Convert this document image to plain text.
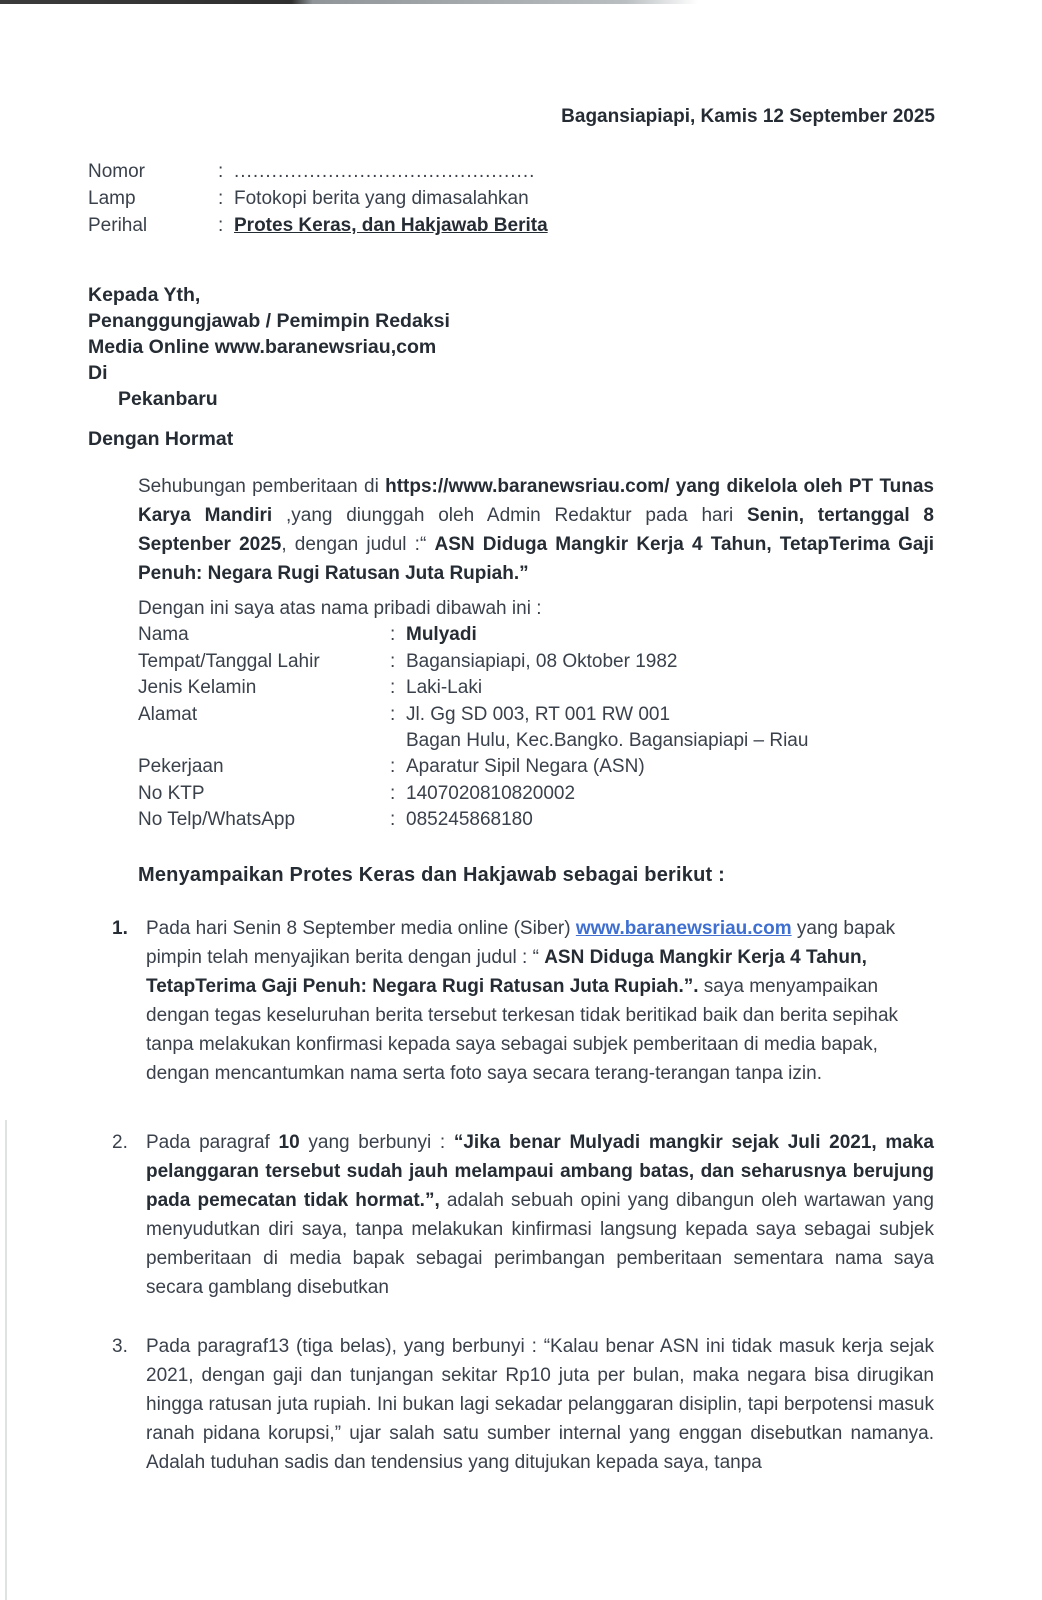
Bagansiapiapi, Kamis 12 September 2025
Nomor	: ................................................
Lamp	: Fotokopi berita yang dimasalahkan
Perihal	: Protes Keras, dan Hakjawab Berita
Kepada Yth,
Penanggungjawab / Pemimpin Redaksi
Media Online www.baranewsriau,com
Di
Pekanbaru
Dengan Hormat
Sehubungan pemberitaan di https://www.baranewsriau.com/ yang dikelola oleh PT Tunas Karya Mandiri ,yang diunggah oleh Admin Redaktur pada hari Senin, tertanggal 8 Septenber 2025, dengan judul :“ ASN Diduga Mangkir Kerja 4 Tahun, TetapTerima Gaji Penuh: Negara Rugi Ratusan Juta Rupiah.”
Dengan ini saya atas nama pribadi dibawah ini :
Nama	: Mulyadi
Tempat/Tanggal Lahir	: Bagansiapiapi, 08 Oktober 1982
Jenis Kelamin	: Laki-Laki
Alamat	: Jl. Gg SD 003, RT 001 RW 001
Bagan Hulu, Kec.Bangko. Bagansiapiapi – Riau
Pekerjaan	: Aparatur Sipil Negara (ASN)
No KTP	: 1407020810820002
No Telp/WhatsApp	: 085245868180
Menyampaikan Protes Keras dan Hakjawab sebagai berikut :
1. Pada hari Senin 8 September media online (Siber) www.baranewsriau.com yang bapak pimpin telah menyajikan berita dengan judul : “ ASN Diduga Mangkir Kerja 4 Tahun, TetapTerima Gaji Penuh: Negara Rugi Ratusan Juta Rupiah.”. saya menyampaikan dengan tegas keseluruhan berita tersebut terkesan tidak beritikad baik dan berita sepihak tanpa melakukan konfirmasi kepada saya sebagai subjek pemberitaan di media bapak, dengan mencantumkan nama serta foto saya secara terang-terangan tanpa izin.
2. Pada paragraf 10 yang berbunyi : “Jika benar Mulyadi mangkir sejak Juli 2021, maka pelanggaran tersebut sudah jauh melampaui ambang batas, dan seharusnya berujung pada pemecatan tidak hormat.”, adalah sebuah opini yang dibangun oleh wartawan yang menyudutkan diri saya, tanpa melakukan kinfirmasi langsung kepada saya sebagai subjek pemberitaan di media bapak sebagai perimbangan pemberitaan sementara nama saya secara gamblang disebutkan
3. Pada paragraf13 (tiga belas), yang berbunyi : “Kalau benar ASN ini tidak masuk kerja sejak 2021, dengan gaji dan tunjangan sekitar Rp10 juta per bulan, maka negara bisa dirugikan hingga ratusan juta rupiah. Ini bukan lagi sekadar pelanggaran disiplin, tapi berpotensi masuk ranah pidana korupsi,” ujar salah satu sumber internal yang enggan disebutkan namanya. Adalah tuduhan sadis dan tendensius yang ditujukan kepada saya, tanpa
